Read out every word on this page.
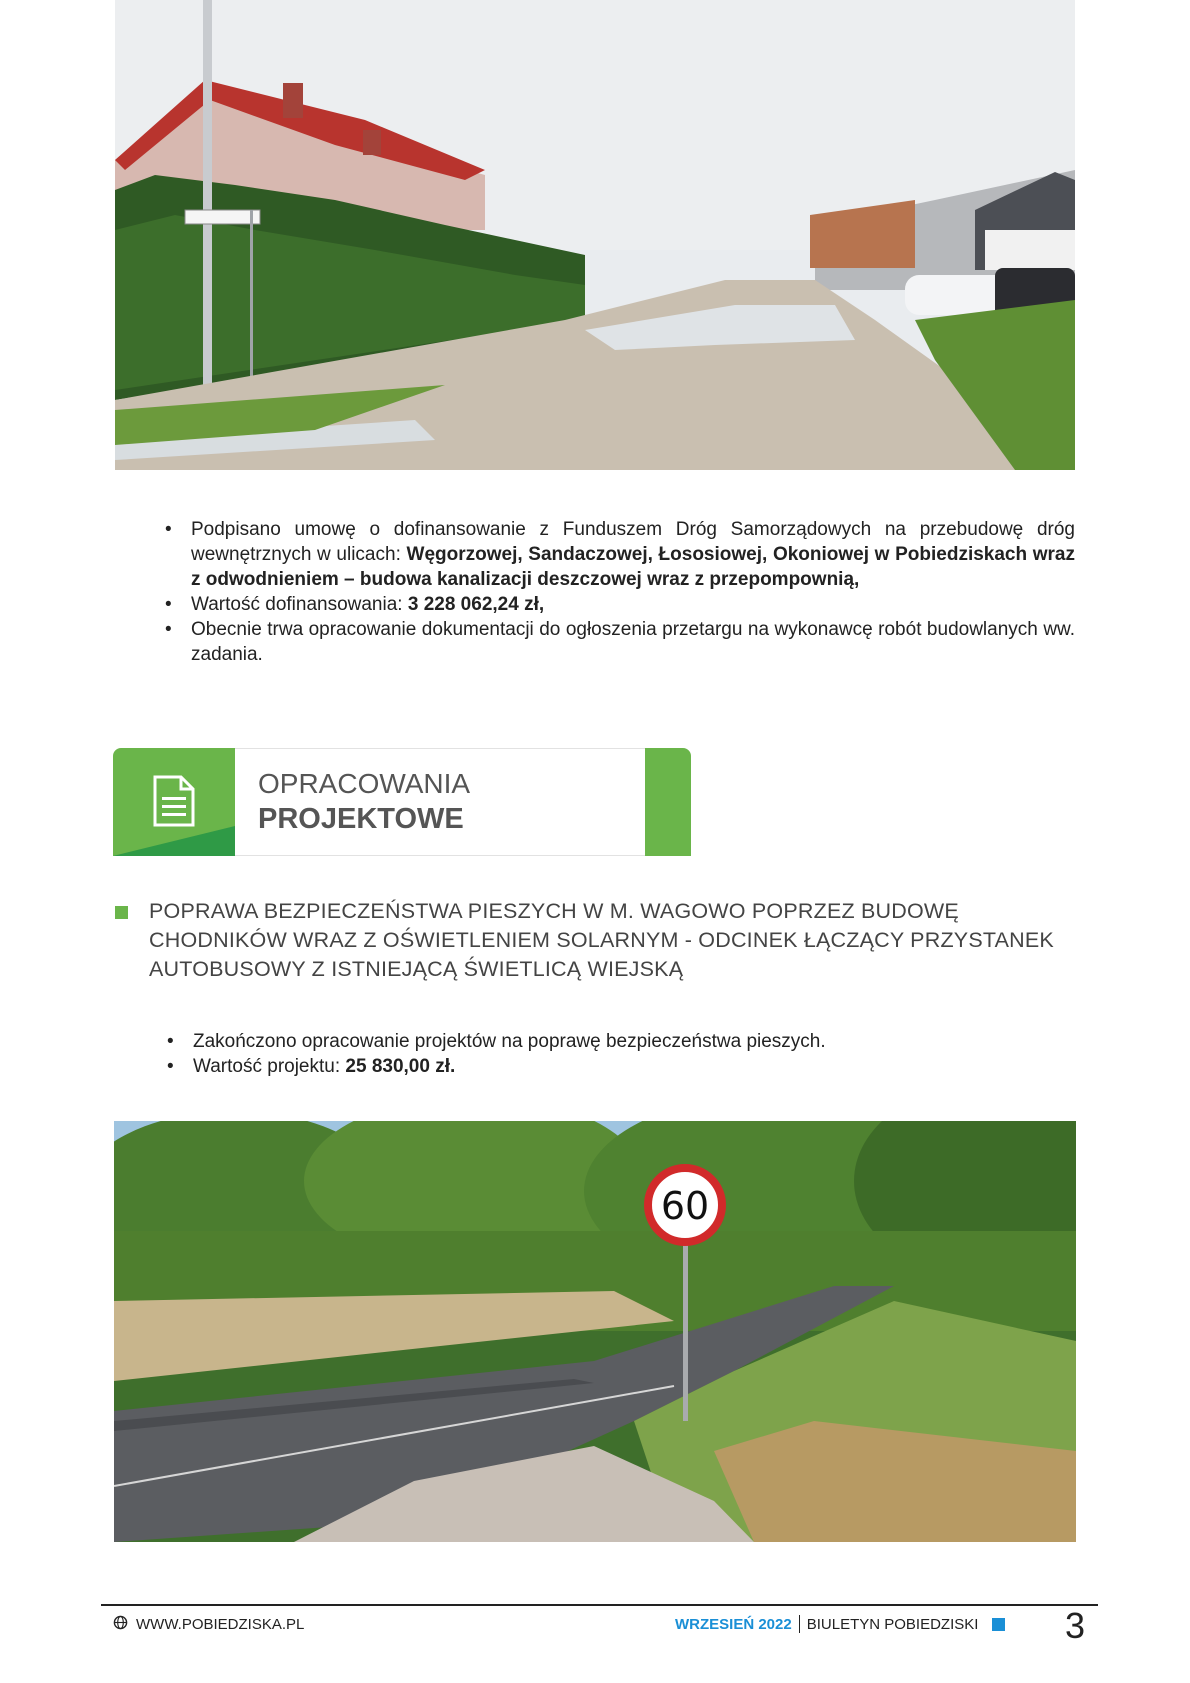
• Podpisano umowę o dofinansowanie z Funduszem Dróg Samorządowych na przebudowę dróg wewnętrznych w ulicach: Węgorzowej, Sandaczowej, Łososiowej, Okoniowej w Pobiedziskach wraz z odwodnieniem – budowa kanalizacji deszczowej wraz z przepompownią,
• Wartość dofinansowania: 3 228 062,24 zł,
• Obecnie trwa opracowanie dokumentacji do ogłoszenia przetargu na wykonawcę robót budowlanych ww. zadania.
OPRACOWANIA
PROJEKTOWE
POPRAWA BEZPIECZEŃSTWA PIESZYCH W M. WAGOWO POPRZEZ BUDOWĘ CHODNIKÓW WRAZ Z OŚWIETLENIEM SOLARNYM - ODCINEK ŁĄCZĄCY PRZYSTANEK AUTOBUSOWY Z ISTNIEJĄCĄ ŚWIETLICĄ WIEJSKĄ
• Zakończono opracowanie projektów na poprawę bezpieczeństwa pieszych.
• Wartość projektu: 25 830,00 zł.
60
WWW.POBIEDZISKA.PL	WRZESIEŃ 2022 BIULETYN POBIEDZISKI 3
